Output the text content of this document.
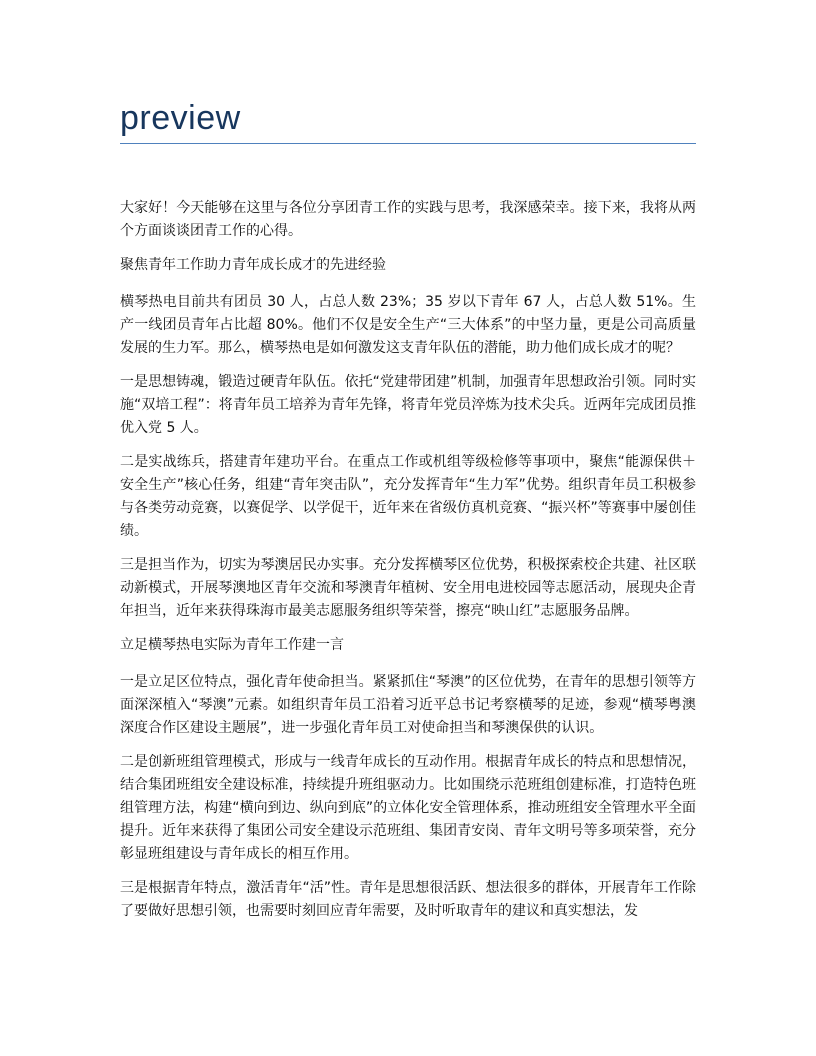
preview

大家好！今天能够在这里与各位分享团青工作的实践与思考，我深感荣幸。接下来，我将从两个方面谈谈团青工作的心得。

聚焦青年工作助力青年成长成才的先进经验

横琴热电目前共有团员 30 人，占总人数 23%；35 岁以下青年 67 人，占总人数 51%。生产一线团员青年占比超 80%。他们不仅是安全生产“三大体系”的中坚力量，更是公司高质量发展的生力军。那么，横琴热电是如何激发这支青年队伍的潜能，助力他们成长成才的呢？

一是思想铸魂，锻造过硬青年队伍。依托“党建带团建”机制，加强青年思想政治引领。同时实施“双培工程”：将青年员工培养为青年先锋，将青年党员淬炼为技术尖兵。近两年完成团员推优入党 5 人。

二是实战练兵，搭建青年建功平台。在重点工作或机组等级检修等事项中，聚焦“能源保供＋安全生产”核心任务，组建“青年突击队”，充分发挥青年“生力军”优势。组织青年员工积极参与各类劳动竞赛，以赛促学、以学促干，近年来在省级仿真机竞赛、“振兴杯”等赛事中屡创佳绩。

三是担当作为，切实为琴澳居民办实事。充分发挥横琴区位优势，积极探索校企共建、社区联动新模式，开展琴澳地区青年交流和琴澳青年植树、安全用电进校园等志愿活动，展现央企青年担当，近年来获得珠海市最美志愿服务组织等荣誉，擦亮“映山红”志愿服务品牌。

立足横琴热电实际为青年工作建一言

一是立足区位特点，强化青年使命担当。紧紧抓住“琴澳”的区位优势，在青年的思想引领等方面深深植入“琴澳”元素。如组织青年员工沿着习近平总书记考察横琴的足迹，参观“横琴粤澳深度合作区建设主题展”，进一步强化青年员工对使命担当和琴澳保供的认识。

二是创新班组管理模式，形成与一线青年成长的互动作用。根据青年成长的特点和思想情况，结合集团班组安全建设标准，持续提升班组驱动力。比如围绕示范班组创建标准，打造特色班组管理方法，构建“横向到边、纵向到底”的立体化安全管理体系，推动班组安全管理水平全面提升。近年来获得了集团公司安全建设示范班组、集团青安岗、青年文明号等多项荣誉，充分彰显班组建设与青年成长的相互作用。

三是根据青年特点，激活青年“活”性。青年是思想很活跃、想法很多的群体，开展青年工作除了要做好思想引领，也需要时刻回应青年需要，及时听取青年的建议和真实想法，发
